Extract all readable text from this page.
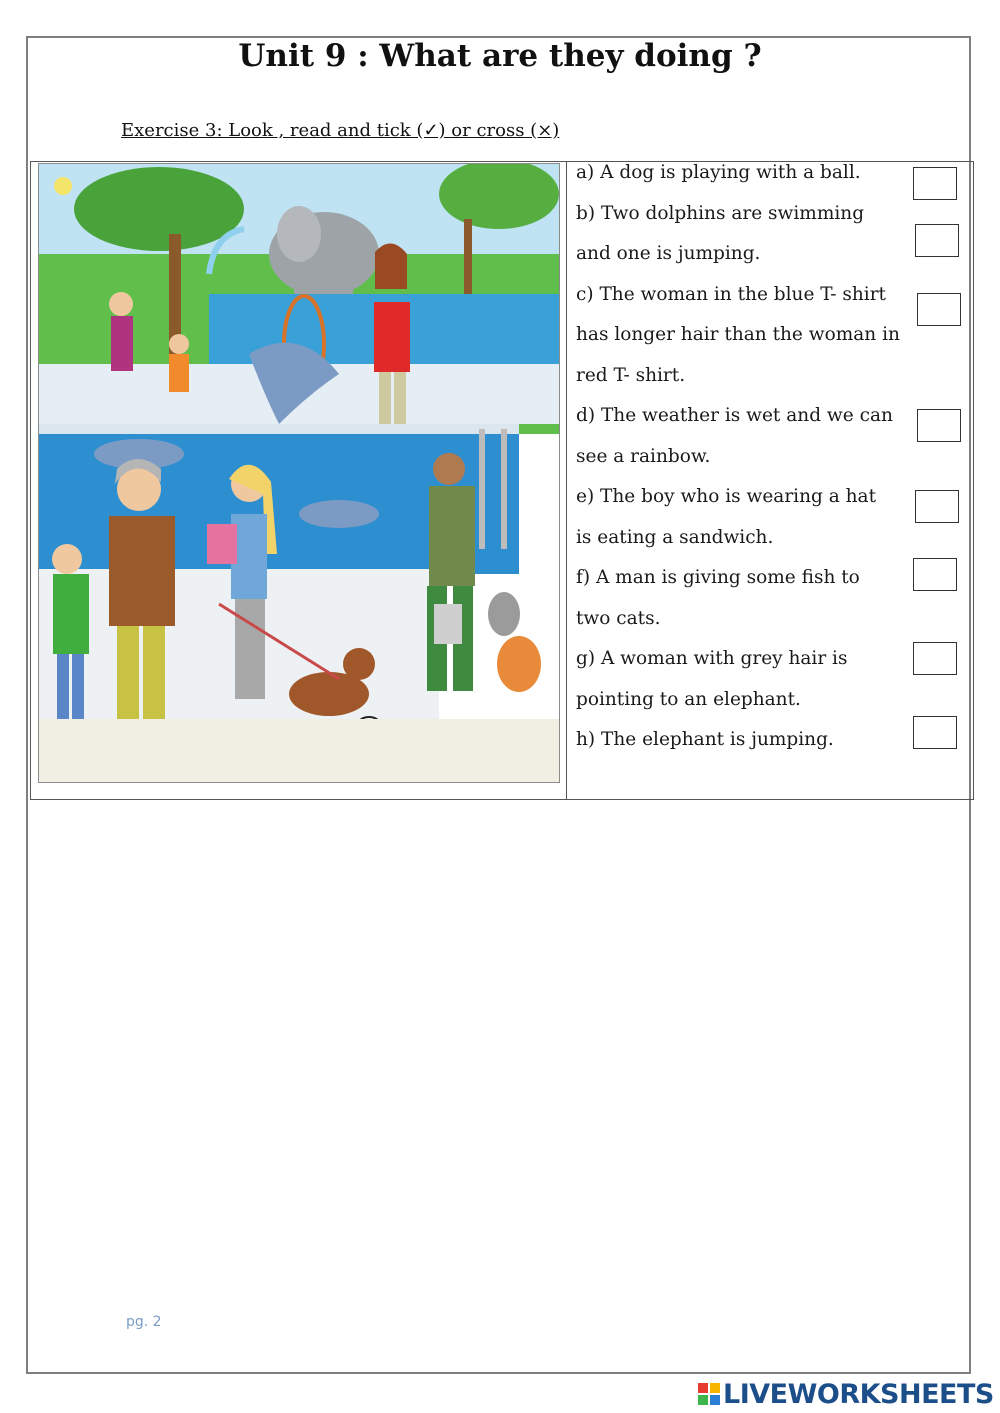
Unit 9 : What are they doing ?
Exercise 3: Look , read and tick (✓) or cross (×)
a) A dog is playing with a ball.
b) Two dolphins are swimming
and one is jumping.
c) The woman in the blue T- shirt
has longer hair than the woman in
red T- shirt.
d) The weather is wet and we can
see a rainbow.
e) The boy who is wearing a hat
is eating a sandwich.
f) A man is giving some fish to
two cats.
g) A woman with grey hair is
pointing to an elephant.
h) The elephant is jumping.
pg. 2
LIVEWORKSHEETS
